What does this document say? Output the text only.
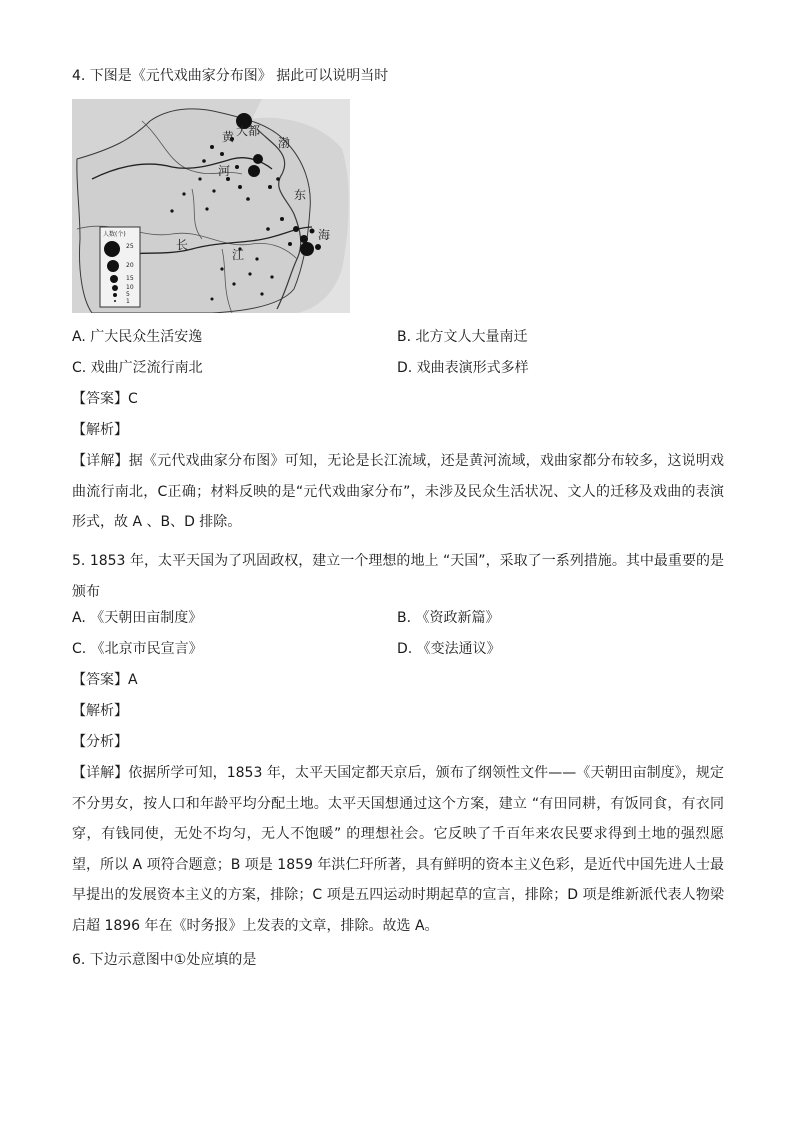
4. 下图是《元代戏曲家分布图》 据此可以说明当时
大都
黄
河
渤
东
海
长
江
人数(个)
25
20
15
10
5
1
A. 广大民众生活安逸	B. 北方文人大量南迁
C. 戏曲广泛流行南北	D. 戏曲表演形式多样
【答案】C
【解析】
【详解】据《元代戏曲家分布图》可知，无论是长江流域，还是黄河流域，戏曲家都分布较多，这说明戏曲流行南北，C正确；材料反映的是“元代戏曲家分布”，未涉及民众生活状况、文人的迁移及戏曲的表演形式，故 A 、B、D 排除。
5. 1853 年，太平天国为了巩固政权，建立一个理想的地上 “天国”，采取了一系列措施。其中最重要的是颁布
A. 《天朝田亩制度》	B. 《资政新篇》
C. 《北京市民宣言》	D. 《变法通议》
【答案】A
【解析】
【分析】
【详解】依据所学可知，1853 年，太平天国定都天京后，颁布了纲领性文件——《天朝田亩制度》，规定不分男女，按人口和年龄平均分配土地。太平天国想通过这个方案，建立 “有田同耕，有饭同食，有衣同穿，有钱同使，无处不均匀，无人不饱暖” 的理想社会。它反映了千百年来农民要求得到土地的强烈愿望，所以 A 项符合题意；B 项是 1859 年洪仁玕所著，具有鲜明的资本主义色彩，是近代中国先进人士最早提出的发展资本主义的方案，排除；C 项是五四运动时期起草的宣言，排除；D 项是维新派代表人物梁启超 1896 年在《时务报》上发表的文章，排除。故选 A。
6. 下边示意图中①处应填的是
